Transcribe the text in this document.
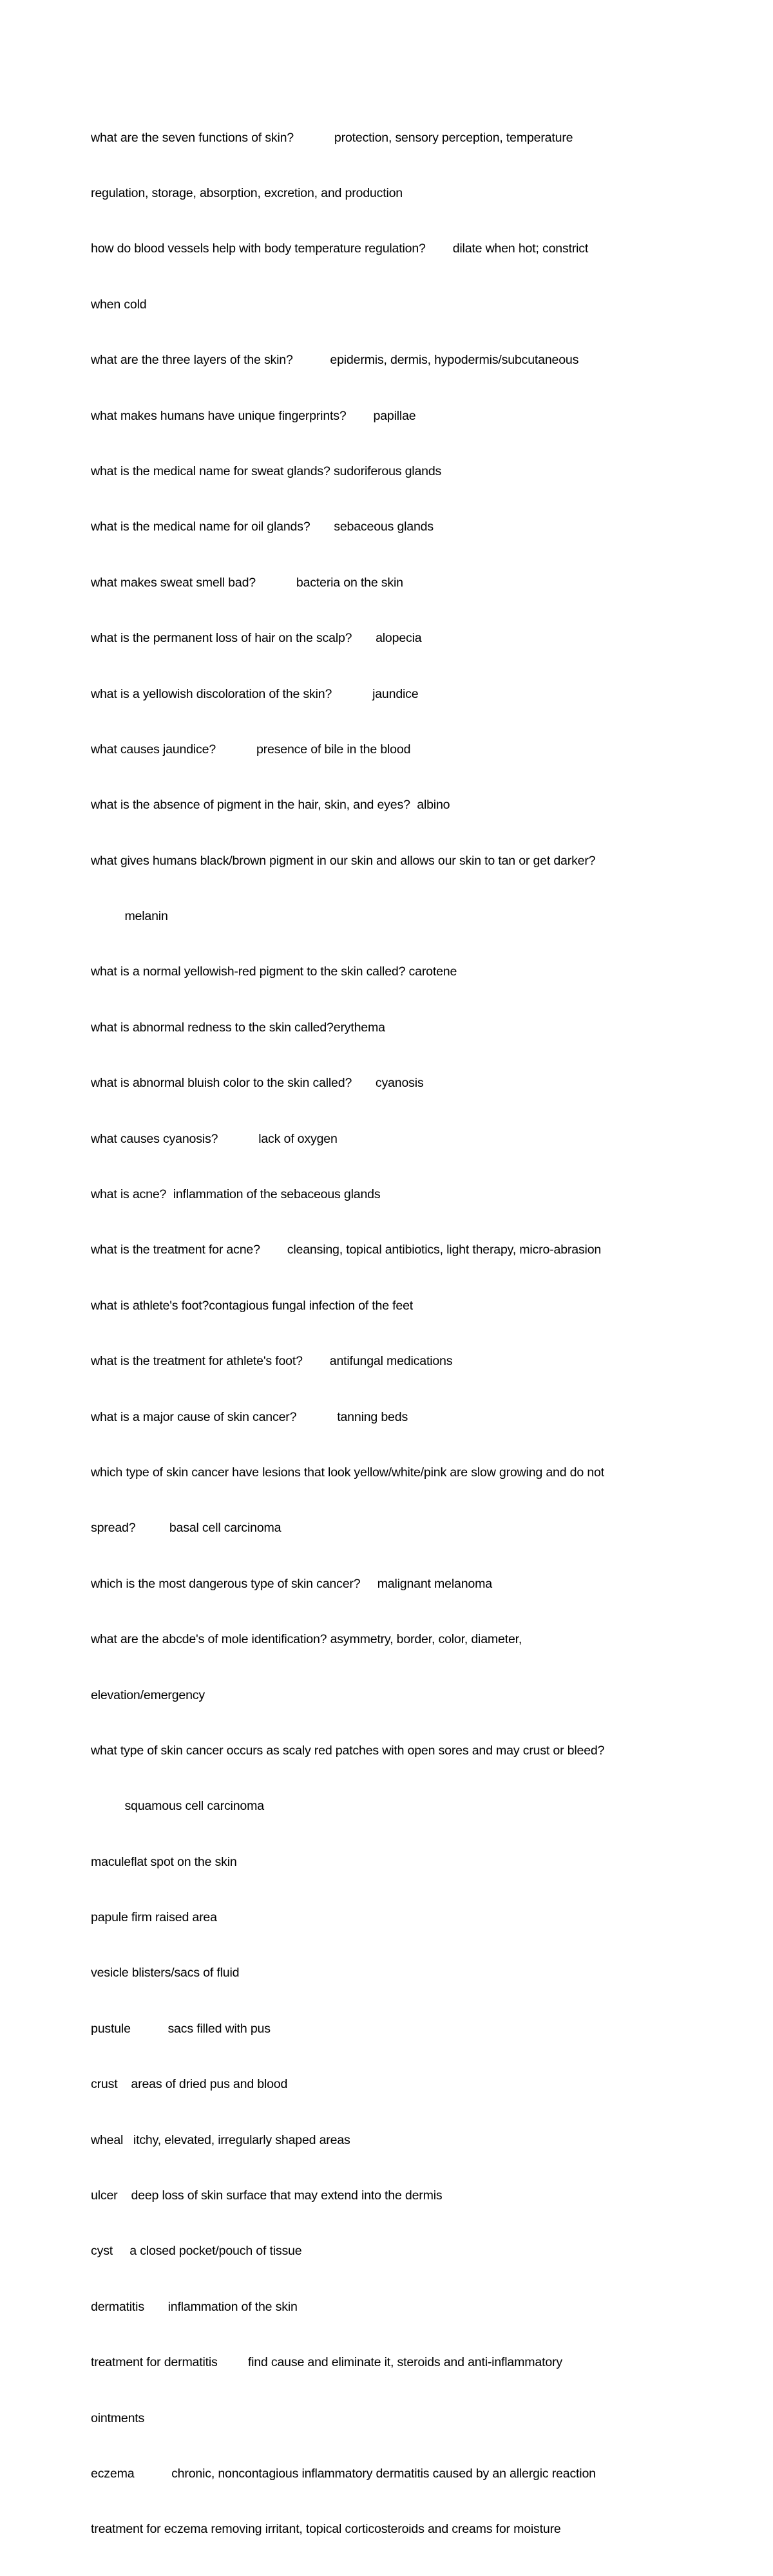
what are the seven functions of skin?            protection, sensory perception, temperature

regulation, storage, absorption, excretion, and production

how do blood vessels help with body temperature regulation?        dilate when hot; constrict

when cold

what are the three layers of the skin?           epidermis, dermis, hypodermis/subcutaneous

what makes humans have unique fingerprints?        papillae

what is the medical name for sweat glands? sudoriferous glands

what is the medical name for oil glands?       sebaceous glands

what makes sweat smell bad?            bacteria on the skin

what is the permanent loss of hair on the scalp?       alopecia

what is a yellowish discoloration of the skin?            jaundice

what causes jaundice?            presence of bile in the blood

what is the absence of pigment in the hair, skin, and eyes?  albino

what gives humans black/brown pigment in our skin and allows our skin to tan or get darker?

melanin

what is a normal yellowish-red pigment to the skin called? carotene

what is abnormal redness to the skin called?erythema

what is abnormal bluish color to the skin called?       cyanosis

what causes cyanosis?            lack of oxygen

what is acne?  inflammation of the sebaceous glands

what is the treatment for acne?        cleansing, topical antibiotics, light therapy, micro-abrasion

what is athlete's foot?contagious fungal infection of the feet

what is the treatment for athlete's foot?        antifungal medications

what is a major cause of skin cancer?            tanning beds

which type of skin cancer have lesions that look yellow/white/pink are slow growing and do not

spread?          basal cell carcinoma

which is the most dangerous type of skin cancer?     malignant melanoma

what are the abcde's of mole identification? asymmetry, border, color, diameter,

elevation/emergency

what type of skin cancer occurs as scaly red patches with open sores and may crust or bleed?

squamous cell carcinoma

maculeflat spot on the skin

papule firm raised area

vesicle blisters/sacs of fluid

pustule           sacs filled with pus

crust    areas of dried pus and blood

wheal   itchy, elevated, irregularly shaped areas

ulcer    deep loss of skin surface that may extend into the dermis

cyst     a closed pocket/pouch of tissue

dermatitis       inflammation of the skin

treatment for dermatitis         find cause and eliminate it, steroids and anti-inflammatory

ointments

eczema           chronic, noncontagious inflammatory dermatitis caused by an allergic reaction

treatment for eczema removing irritant, topical corticosteroids and creams for moisture
